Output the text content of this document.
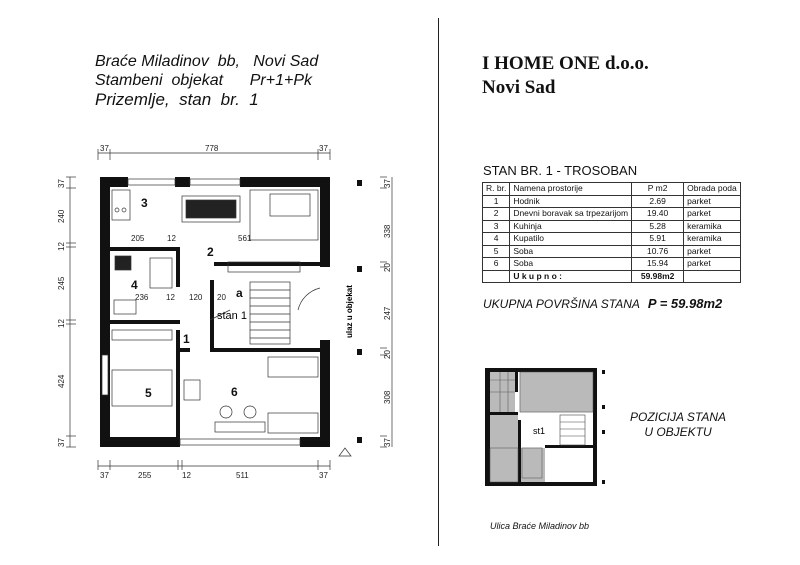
Braće Miladinov  bb,   Novi Sad
Stambeni  objekat      Pr+1+Pk
Prizemlje,  stan  br.  1
I HOME ONE d.o.o.
Novi Sad
37	778	37
37	255	12	511	37
37
240
12
245
12
424
37
37
338
20
247
20
308
37
205	12	561
236 12 120 20
3
2
4
1
5	6
a
stan 1	ulaz u objekat
STAN BR. 1 - TROSOBAN
R. br.	Namena prostorije	P m2	Obrada poda
1	Hodnik	2.69	parket
2	Dnevni boravak sa trpezarijom	19.40	parket
3	Kuhinja	5.28	keramika
4	Kupatilo	5.91	keramika
5	Soba	10.76	parket
6	Soba	15.94	parket
	U k u p n o :	59.98m2	
UKUPNA POVRŠINA STANA P = 59.98m2
st1
POZICIJA STANA
U OBJEKTU
Ulica Braće Miladinov bb
